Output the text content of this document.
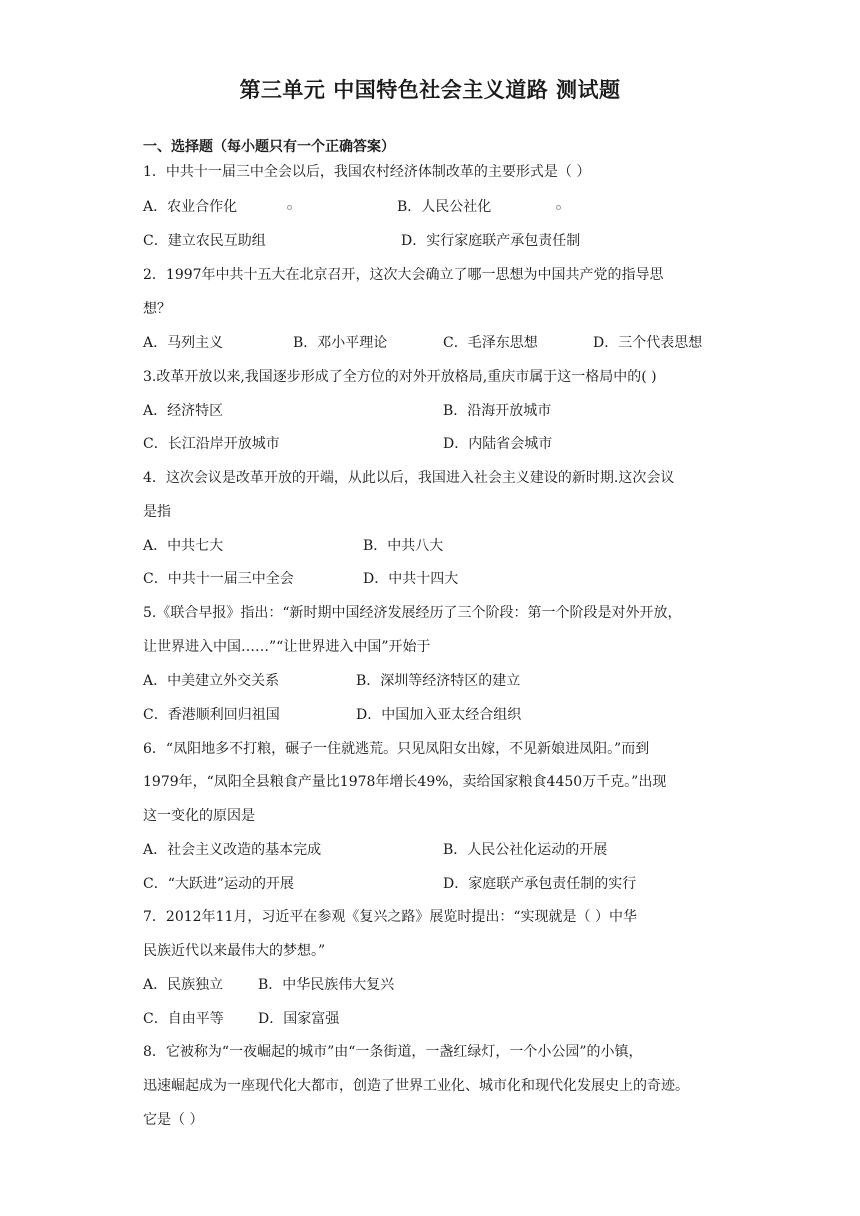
第三单元 中国特色社会主义道路 测试题
一、选择题（每小题只有一个正确答案）
1．中共十一届三中全会以后，我国农村经济体制改革的主要形式是（ ）
A．农业合作化	B．人民公社化
C．建立农民互助组	D．实行家庭联产承包责任制
2．1997年中共十五大在北京召开，这次大会确立了哪一思想为中国共产党的指导思
想？
A．马列主义	B．邓小平理论	C．毛泽东思想	D．三个代表思想
3.改革开放以来,我国逐步形成了全方位的对外开放格局,重庆市属于这一格局中的( )
A．经济特区	B．沿海开放城市
C．长江沿岸开放城市	D．内陆省会城市
4．这次会议是改革开放的开端，从此以后，我国进入社会主义建设的新时期.这次会议
是指
A．中共七大	B．中共八大
C．中共十一届三中全会	D．中共十四大
5.《联合早报》指出：“新时期中国经济发展经历了三个阶段：第一个阶段是对外开放，
让世界进入中国……”“让世界进入中国”开始于
A．中美建立外交关系	B．深圳等经济特区的建立
C．香港顺利回归祖国	D．中国加入亚太经合组织
6．“凤阳地多不打粮，碾子一住就逃荒。只见凤阳女出嫁，不见新娘进凤阳。”而到
1979年，“凤阳全县粮食产量比1978年增长49%，卖给国家粮食4450万千克。”出现
这一变化的原因是
A．社会主义改造的基本完成	B．人民公社化运动的开展
C．“大跃进”运动的开展	D．家庭联产承包责任制的实行
7．2012年11月，习近平在参观《复兴之路》展览时提出：“实现就是（ ）中华
民族近代以来最伟大的梦想。”
A．民族独立 B．中华民族伟大复兴
C．自由平等 D．国家富强
8．它被称为“一夜崛起的城市”由“一条街道，一盏红绿灯，一个小公园”的小镇，
迅速崛起成为一座现代化大都市，创造了世界工业化、城市化和现代化发展史上的奇迹。
它是（ ）
